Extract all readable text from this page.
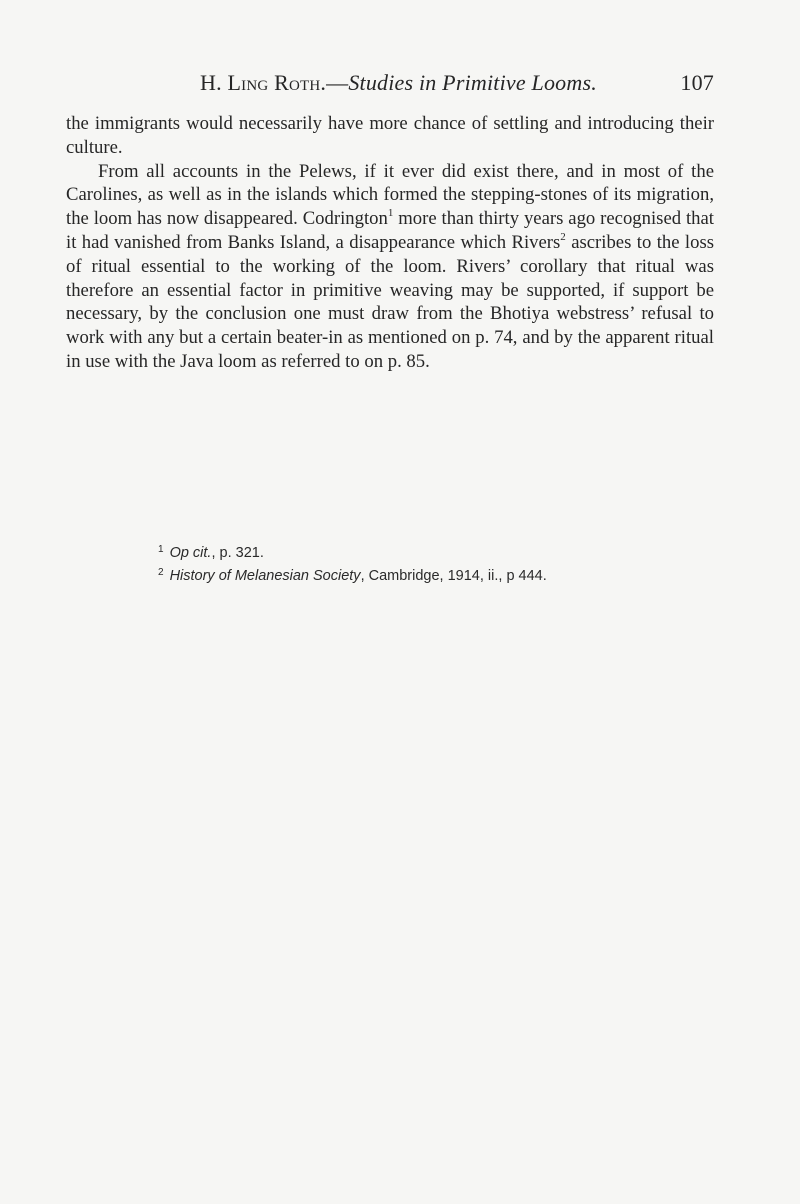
H. Ling Roth.—Studies in Primitive Looms.	107

the immigrants would necessarily have more chance of settling and introducing their culture.

From all accounts in the Pelews, if it ever did exist there, and in most of the Carolines, as well as in the islands which formed the stepping-stones of its migration, the loom has now disappeared. Codrington$^1$ more than thirty years ago recognised that it had vanished from Banks Island, a disappearance which Rivers$^2$ ascribes to the loss of ritual essential to the working of the loom. Rivers’ corollary that ritual was therefore an essential factor in primitive weaving may be supported, if support be necessary, by the conclusion one must draw from the Bhotiya webstress’ refusal to work with any but a certain beater-in as mentioned on p. 74, and by the apparent ritual in use with the Java loom as referred to on p. 85.

$^1$ Op cit., p. 321.
$^2$ History of Melanesian Society, Cambridge, 1914, ii., p 444.
